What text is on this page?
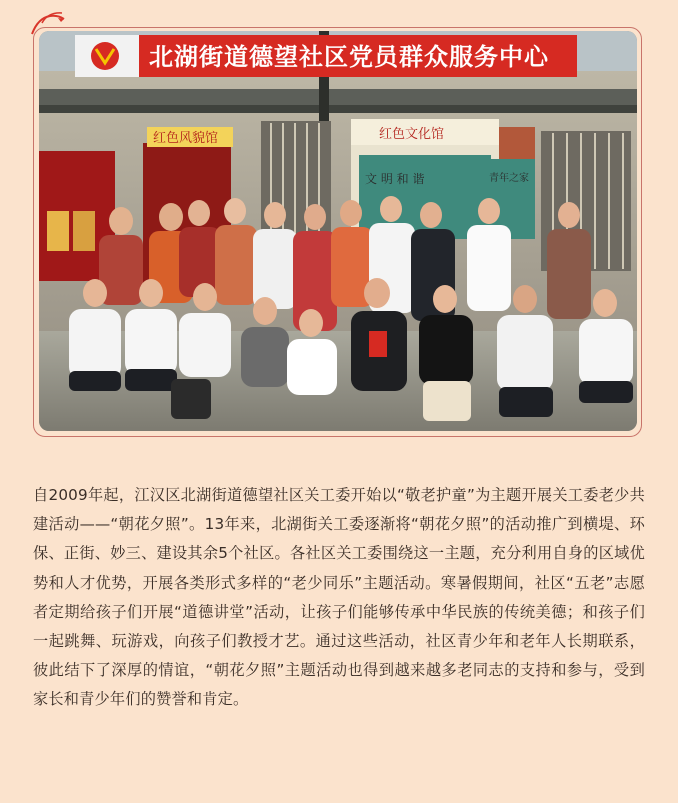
北湖街道德望社区党员群众服务中心
红色风貌馆	红色文化馆
文 明 和 谐	青年之家

自2009年起，江汉区北湖街道德望社区关工委开始以“敬老护童”为主题开展关工委老少共建活动——“朝花夕照”。13年来，北湖街关工委逐渐将“朝花夕照”的活动推广到横堤、环保、正街、妙三、建设其余5个社区。各社区关工委围绕这一主题，充分利用自身的区域优势和人才优势，开展各类形式多样的“老少同乐”主题活动。寒暑假期间，社区“五老”志愿者定期给孩子们开展“道德讲堂”活动，让孩子们能够传承中华民族的传统美德；和孩子们一起跳舞、玩游戏，向孩子们教授才艺。通过这些活动，社区青少年和老年人长期联系，彼此结下了深厚的情谊，“朝花夕照”主题活动也得到越来越多老同志的支持和参与，受到家长和青少年们的赞誉和肯定。
